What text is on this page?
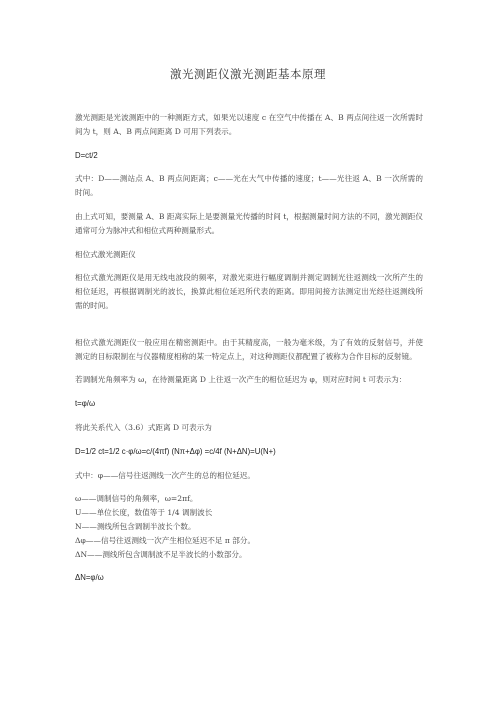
激光测距仪激光测距基本原理

激光测距是光波测距中的一种测距方式，如果光以速度 c 在空气中传播在 A、B 两点间往返一次所需时间为 t，则 A、B 两点间距离 D 可用下列表示。

D=ct/2

式中：D——测站点 A、B 两点间距离；c——光在大气中传播的速度；t——光往返 A、B 一次所需的时间。

由上式可知，要测量 A、B 距离实际上是要测量光传播的时间 t，根据测量时间方法的不同，激光测距仪通常可分为脉冲式和相位式两种测量形式。

相位式激光测距仪

相位式激光测距仪是用无线电波段的频率，对激光束进行幅度调制并测定调制光往返测线一次所产生的相位延迟，再根据调制光的波长，换算此相位延迟所代表的距离。即用间接方法测定出光经往返测线所需的时间。

相位式激光测距仪一般应用在精密测距中。由于其精度高，一般为毫米级，为了有效的反射信号，并使测定的目标限制在与仪器精度相称的某一特定点上，对这种测距仪都配置了被称为合作目标的反射镜。

若调制光角频率为 ω，在待测量距离 D 上往返一次产生的相位延迟为 φ，则对应时间 t 可表示为：

t=φ/ω

将此关系代入（3.6）式距离 D 可表示为

D=1/2 ct=1/2 c·φ/ω=c/(4πf) (Nπ+Δφ) =c/4f (N+ΔN)=U(N+)

式中：φ——信号往返测线一次产生的总的相位延迟。

ω——调制信号的角频率，ω=2πf。

U——单位长度，数值等于 1/4 调制波长

N——测线所包含调制半波长个数。

Δφ——信号往返测线一次产生相位延迟不足 π 部分。

ΔN——测线所包含调制波不足半波长的小数部分。

ΔN=φ/ω
